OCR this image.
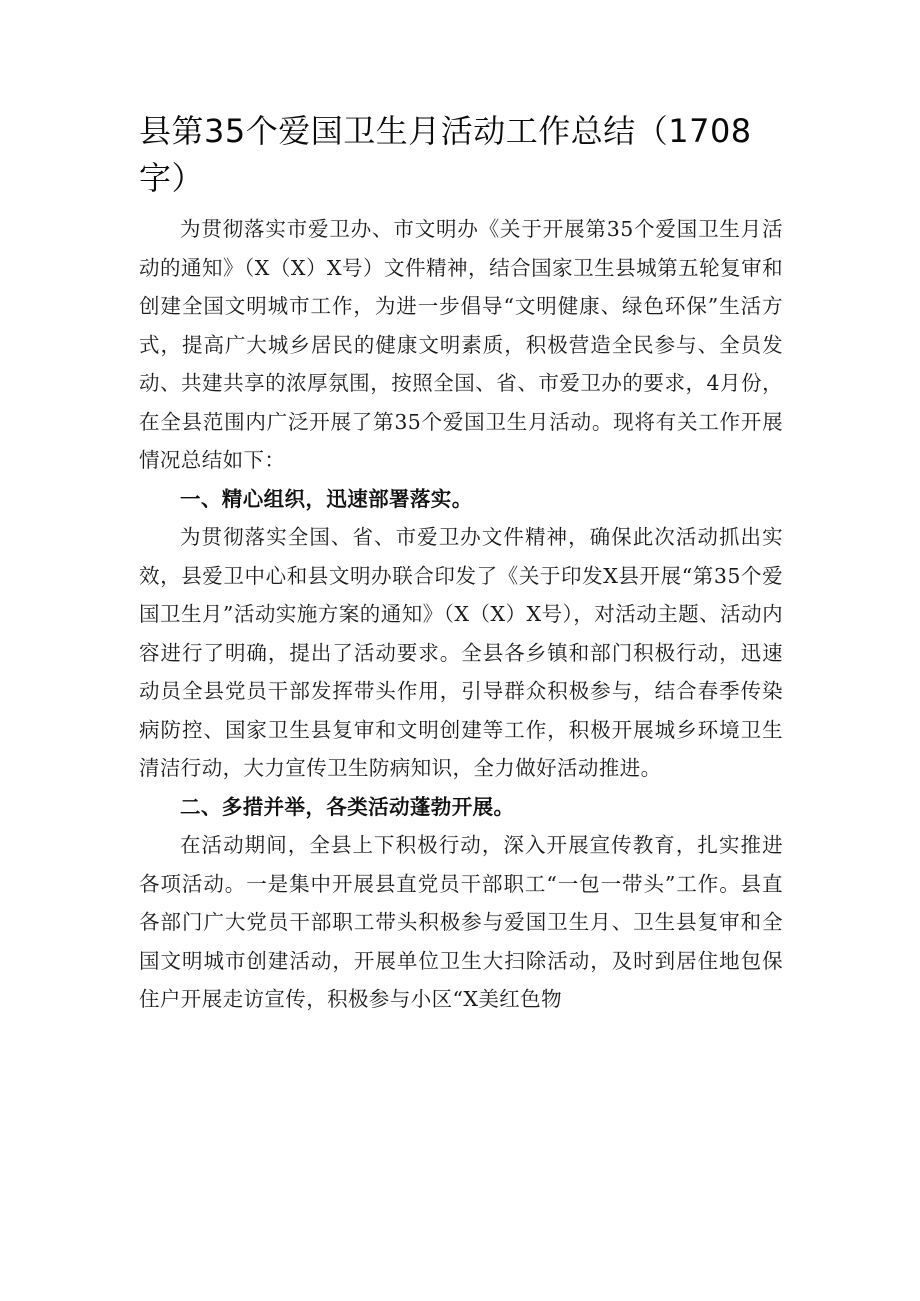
县第35个爱国卫生月活动工作总结（1708字）

为贯彻落实市爱卫办、市文明办《关于开展第35个爱国卫生月活动的通知》（X（X）X号）文件精神，结合国家卫生县城第五轮复审和创建全国文明城市工作，为进一步倡导“文明健康、绿色环保”生活方式，提高广大城乡居民的健康文明素质，积极营造全民参与、全员发动、共建共享的浓厚氛围，按照全国、省、市爱卫办的要求，4月份，在全县范围内广泛开展了第35个爱国卫生月活动。现将有关工作开展情况总结如下：

一、精心组织，迅速部署落实。

为贯彻落实全国、省、市爱卫办文件精神，确保此次活动抓出实效，县爱卫中心和县文明办联合印发了《关于印发X县开展“第35个爱国卫生月”活动实施方案的通知》（X（X）X号），对活动主题、活动内容进行了明确，提出了活动要求。全县各乡镇和部门积极行动，迅速动员全县党员干部发挥带头作用，引导群众积极参与，结合春季传染病防控、国家卫生县复审和文明创建等工作，积极开展城乡环境卫生清洁行动，大力宣传卫生防病知识，全力做好活动推进。

二、多措并举，各类活动蓬勃开展。

在活动期间，全县上下积极行动，深入开展宣传教育，扎实推进各项活动。一是集中开展县直党员干部职工“一包一带头”工作。县直各部门广大党员干部职工带头积极参与爱国卫生月、卫生县复审和全国文明城市创建活动，开展单位卫生大扫除活动，及时到居住地包保住户开展走访宣传，积极参与小区“X美红色物
